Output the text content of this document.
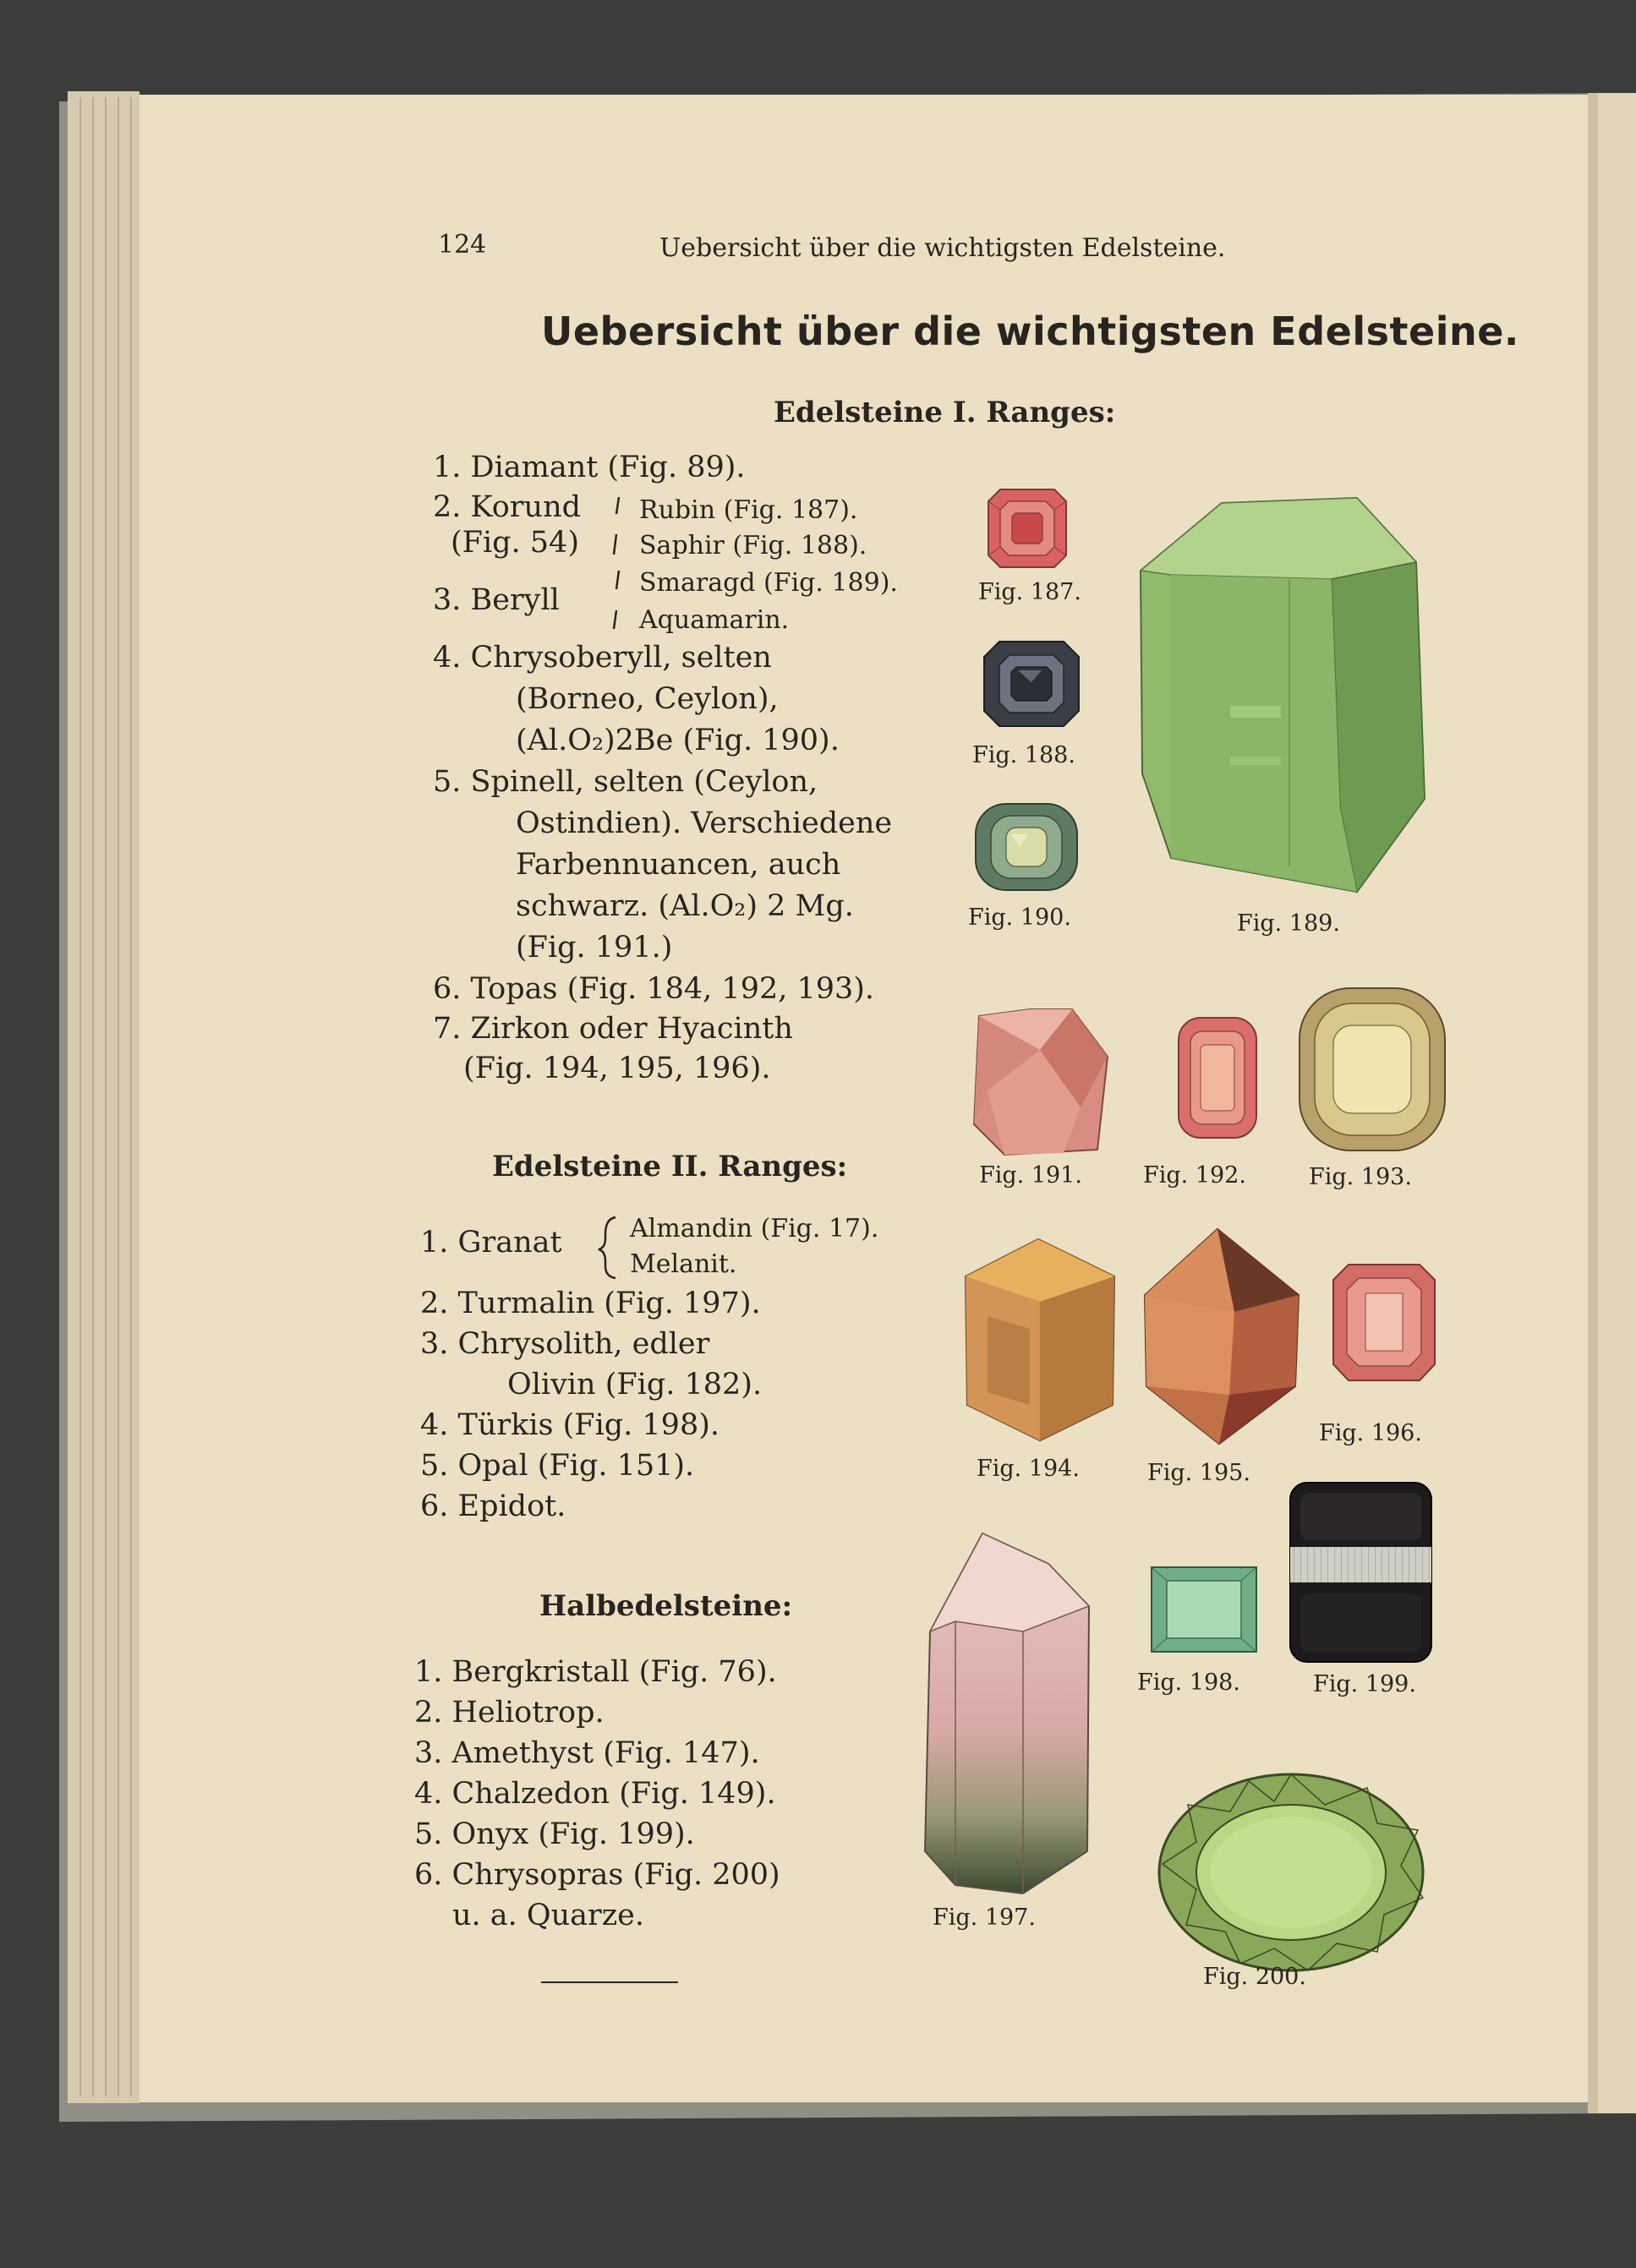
124	Uebersicht über die wichtigsten Edelsteine.
Uebersicht über die wichtigsten Edelsteine.
Edelsteine I. Ranges:
1. Diamant (Fig. 89).
2. Korund
(Fig. 54)
Rubin (Fig. 187).
Saphir (Fig. 188).
3. Beryll
Smaragd (Fig. 189).
Aquamarin.
4. Chrysoberyll, selten
(Borneo, Ceylon),
(Al.O₂)2Be (Fig. 190).
5. Spinell, selten (Ceylon,
Ostindien). Verschiedene
Farbennuancen, auch
schwarz. (Al.O₂) 2 Mg.
(Fig. 191.)
6. Topas (Fig. 184, 192, 193).
7. Zirkon oder Hyacinth
(Fig. 194, 195, 196).
Edelsteine II. Ranges:
1. Granat	Almandin (Fig. 17).
Melanit.
2. Turmalin (Fig. 197).
3. Chrysolith, edler
Olivin (Fig. 182).
4. Türkis (Fig. 198).
5. Opal (Fig. 151).
6. Epidot.
Halbedelsteine:
1. Bergkristall (Fig. 76).
2. Heliotrop.
3. Amethyst (Fig. 147).
4. Chalzedon (Fig. 149).
5. Onyx (Fig. 199).
6. Chrysopras (Fig. 200)
u. a. Quarze.
Fig. 187.
Fig. 188.
Fig. 190.	Fig. 189.
Fig. 191.	Fig. 192.	Fig. 193.
Fig. 194.	Fig. 195.
Fig. 196.
Fig. 199.
Fig. 198.
Fig. 197.
Fig. 200.
